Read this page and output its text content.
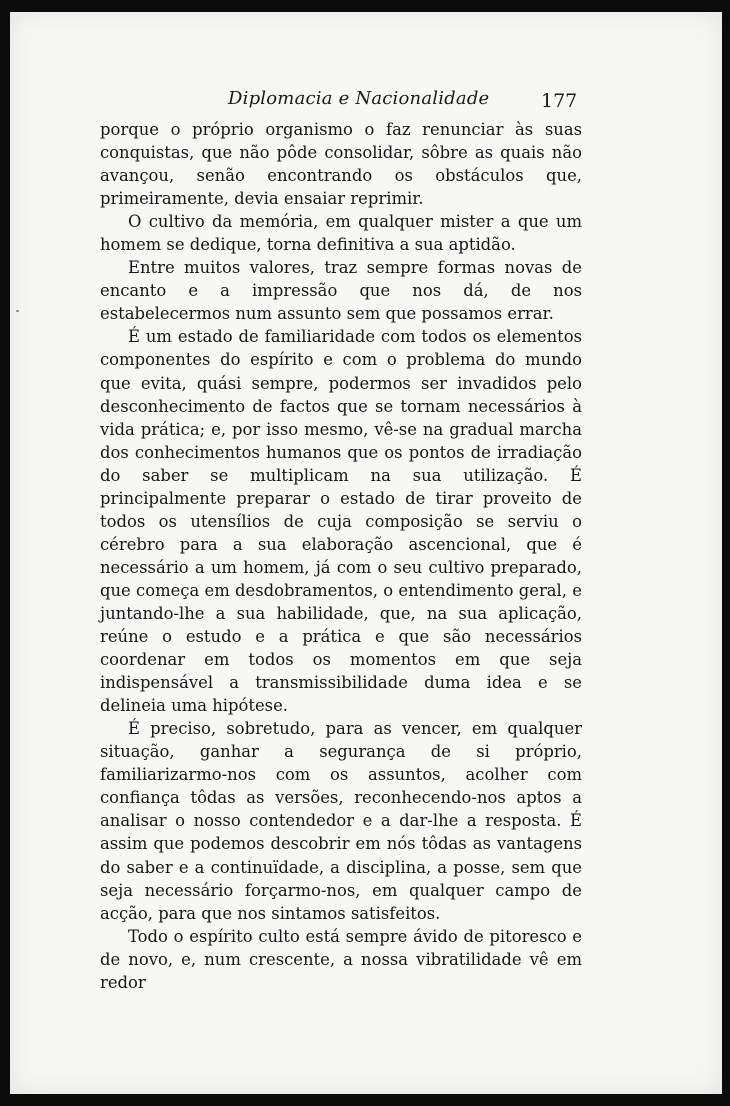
Diplomacia e Nacionalidade	177

porque o próprio organismo o faz renunciar às suas conquistas, que não pôde consolidar, sôbre as quais não avançou, senão encontrando os obstáculos que, primeiramente, devia ensaiar reprimir.

O cultivo da memória, em qualquer mister a que um homem se dedique, torna definitiva a sua aptidão.

Entre muitos valores, traz sempre formas novas de encanto e a impressão que nos dá, de nos estabelecermos num assunto sem que possamos errar.

É um estado de familiaridade com todos os elementos componentes do espírito e com o problema do mundo que evita, quási sempre, podermos ser invadidos pelo desconhecimento de factos que se tornam necessários à vida prática; e, por isso mesmo, vê-se na gradual marcha dos conhecimentos humanos que os pontos de irradiação do saber se multiplicam na sua utilização. É principalmente preparar o estado de tirar proveito de todos os utensílios de cuja composição se serviu o cérebro para a sua elaboração ascencional, que é necessário a um homem, já com o seu cultivo preparado, que começa em desdobramentos, o entendimento geral, e juntando-lhe a sua habilidade, que, na sua aplicação, reúne o estudo e a prática e que são necessários coordenar em todos os momentos em que seja indispensável a transmissibilidade duma idea e se delineia uma hipótese.

É preciso, sobretudo, para as vencer, em qualquer situação, ganhar a segurança de si próprio, familiarizarmo-nos com os assuntos, acolher com confiança tôdas as versões, reconhecendo-nos aptos a analisar o nosso contendedor e a dar-lhe a resposta. É assim que podemos descobrir em nós tôdas as vantagens do saber e a continuïdade, a disciplina, a posse, sem que seja necessário forçarmo-nos, em qualquer campo de acção, para que nos sintamos satisfeitos.

Todo o espírito culto está sempre ávido de pitoresco e de novo, e, num crescente, a nossa vibratilidade vê em redor
